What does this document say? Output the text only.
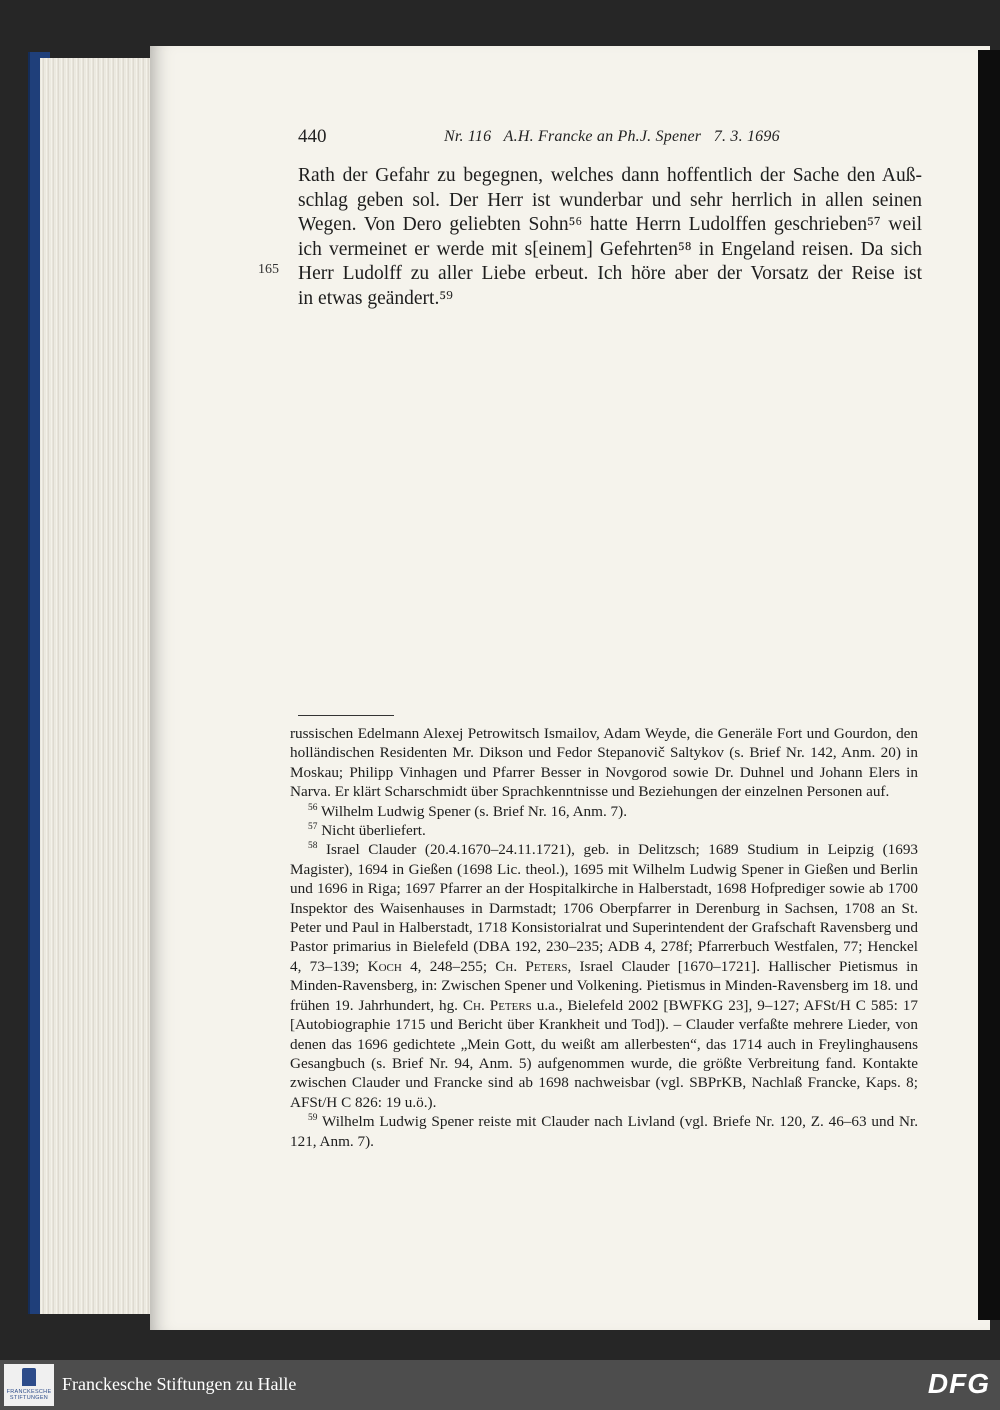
440	Nr. 116   A.H. Francke an Ph.J. Spener   7. 3. 1696
165
Rath der Gefahr zu begegnen, welches dann hoffentlich der Sache den Auß-
schlag geben sol. Der Herr ist wunderbar und sehr herrlich in allen seinen
Wegen. Von Dero geliebten Sohn⁵⁶ hatte Herrn Ludolffen geschrieben⁵⁷ weil
ich vermeinet er werde mit s[einem] Gefehrten⁵⁸ in Engeland reisen. Da sich
Herr Ludolff zu aller Liebe erbeut. Ich höre aber der Vorsatz der Reise ist
in etwas geändert.⁵⁹

russischen Edelmann Alexej Petrowitsch Ismailov, Adam Weyde, die Generäle Fort und Gourdon, den holländischen Residenten Mr. Dikson und Fedor Stepanovič Saltykov (s. Brief Nr. 142, Anm. 20) in Moskau; Philipp Vinhagen und Pfarrer Besser in Novgorod sowie Dr. Duhnel und Johann Elers in Narva. Er klärt Scharschmidt über Sprachkenntnisse und Beziehungen der einzelnen Personen auf.

$^{56}$ Wilhelm Ludwig Spener (s. Brief Nr. 16, Anm. 7).

$^{57}$ Nicht überliefert.

$^{58}$ Israel Clauder (20.4.1670–24.11.1721), geb. in Delitzsch; 1689 Studium in Leipzig (1693 Magister), 1694 in Gießen (1698 Lic. theol.), 1695 mit Wilhelm Ludwig Spener in Gießen und Berlin und 1696 in Riga; 1697 Pfarrer an der Hospitalkirche in Halberstadt, 1698 Hofprediger sowie ab 1700 Inspektor des Waisenhauses in Darmstadt; 1706 Oberpfarrer in Derenburg in Sachsen, 1708 an St. Peter und Paul in Halberstadt, 1718 Konsistorialrat und Superintendent der Grafschaft Ravensberg und Pastor primarius in Bielefeld (DBA 192, 230–235; ADB 4, 278f; Pfarrerbuch Westfalen, 77; Henckel 4, 73–139; Koch 4, 248–255; Ch. Peters, Israel Clauder [1670–1721]. Hallischer Pietismus in Minden-Ravensberg, in: Zwischen Spener und Volkening. Pietismus in Minden-Ravensberg im 18. und frühen 19. Jahrhundert, hg. Ch. Peters u.a., Bielefeld 2002 [BWFKG 23], 9–127; AFSt/H C 585: 17 [Autobiographie 1715 und Bericht über Krankheit und Tod]). – Clauder verfaßte mehrere Lieder, von denen das 1696 gedichtete „Mein Gott, du weißt am allerbesten“, das 1714 auch in Freylinghausens Gesangbuch (s. Brief Nr. 94, Anm. 5) aufgenommen wurde, die größte Verbreitung fand. Kontakte zwischen Clauder und Francke sind ab 1698 nachweisbar (vgl. SBPrKB, Nachlaß Francke, Kaps. 8; AFSt/H C 826: 19 u.ö.).

$^{59}$ Wilhelm Ludwig Spener reiste mit Clauder nach Livland (vgl. Briefe Nr. 120, Z. 46–63 und Nr. 121, Anm. 7).

FRANCKESCHE STIFTUNGEN
Franckesche Stiftungen zu Halle	DFG
